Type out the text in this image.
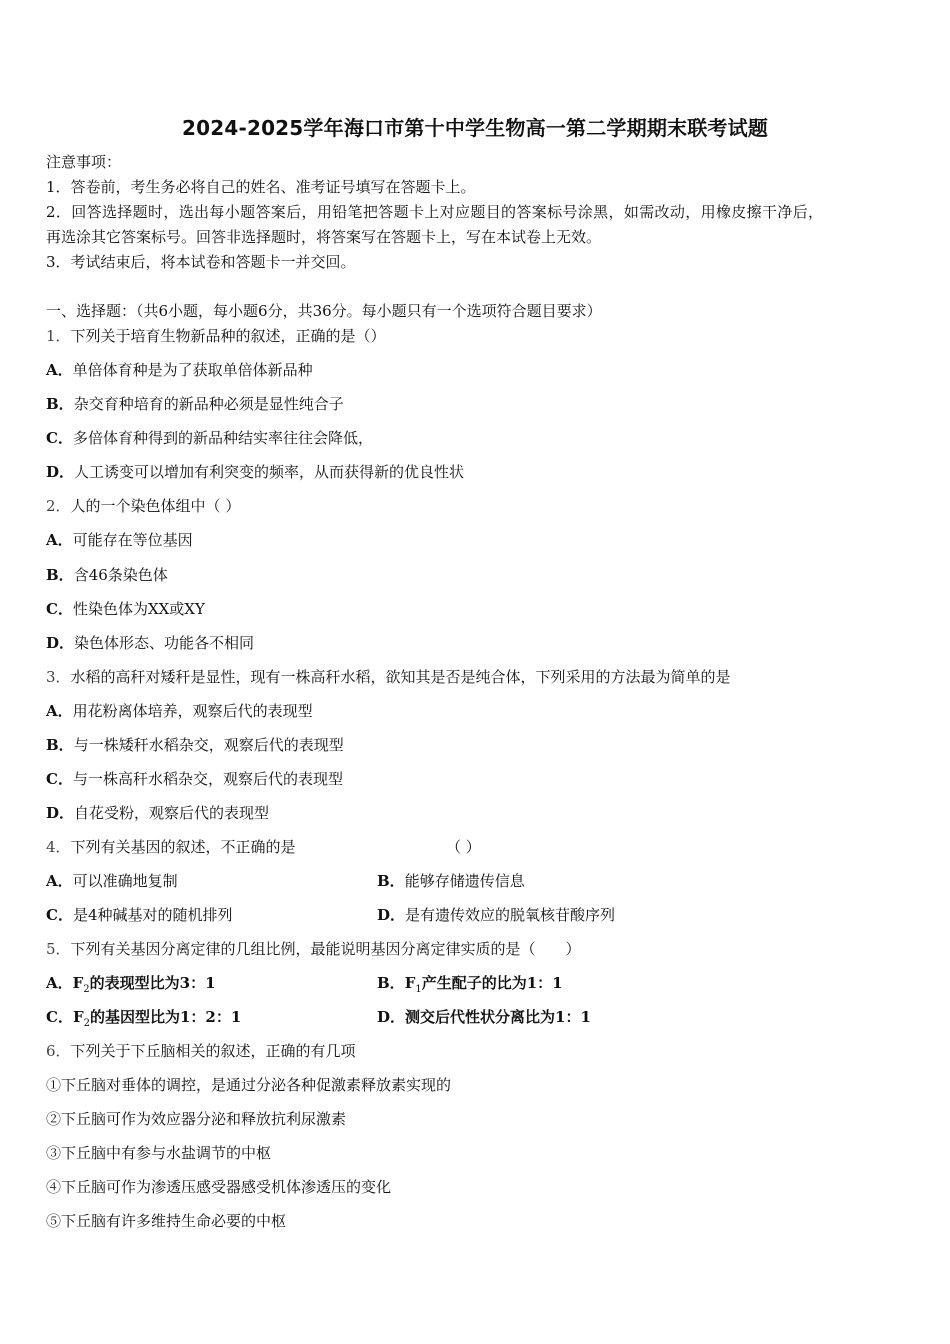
2024-2025学年海口市第十中学生物高一第二学期期末联考试题
注意事项：
1．答卷前，考生务必将自己的姓名、准考证号填写在答题卡上。
2．回答选择题时，选出每小题答案后，用铅笔把答题卡上对应题目的答案标号涂黑，如需改动，用橡皮擦干净后，
再选涂其它答案标号。回答非选择题时，将答案写在答题卡上，写在本试卷上无效。
3．考试结束后，将本试卷和答题卡一并交回。
一、选择题：（共6小题，每小题6分，共36分。每小题只有一个选项符合题目要求）
1．下列关于培育生物新品种的叙述，正确的是（）
A．单倍体育种是为了获取单倍体新品种
B．杂交育种培育的新品种必须是显性纯合子
C．多倍体育种得到的新品种结实率往往会降低，
D．人工诱变可以增加有利突变的频率，从而获得新的优良性状
2．人的一个染色体组中（ ）
A．可能存在等位基因
B．含46条染色体
C．性染色体为XX或XY
D．染色体形态、功能各不相同
3．水稻的高秆对矮秆是显性，现有一株高秆水稻，欲知其是否是纯合体，下列采用的方法最为简单的是
A．用花粉离体培养，观察后代的表现型
B．与一株矮秆水稻杂交，观察后代的表现型
C．与一株高秆水稻杂交，观察后代的表现型
D．自花受粉，观察后代的表现型
4．下列有关基因的叙述，不正确的是	（ ）
A．可以准确地复制	B．能够存储遗传信息
C．是4种碱基对的随机排列	D．是有遗传效应的脱氧核苷酸序列
5．下列有关基因分离定律的几组比例，最能说明基因分离定律实质的是（　　）
A．$F_2$的表现型比为3：1	B．$F_1$产生配子的比为1：1
C．$F_2$的基因型比为1：2：1	D．测交后代性状分离比为1：1
6．下列关于下丘脑相关的叙述，正确的有几项
①下丘脑对垂体的调控，是通过分泌各种促激素释放素实现的
②下丘脑可作为效应器分泌和释放抗利尿激素
③下丘脑中有参与水盐调节的中枢
④下丘脑可作为渗透压感受器感受机体渗透压的变化
⑤下丘脑有许多维持生命必要的中枢
